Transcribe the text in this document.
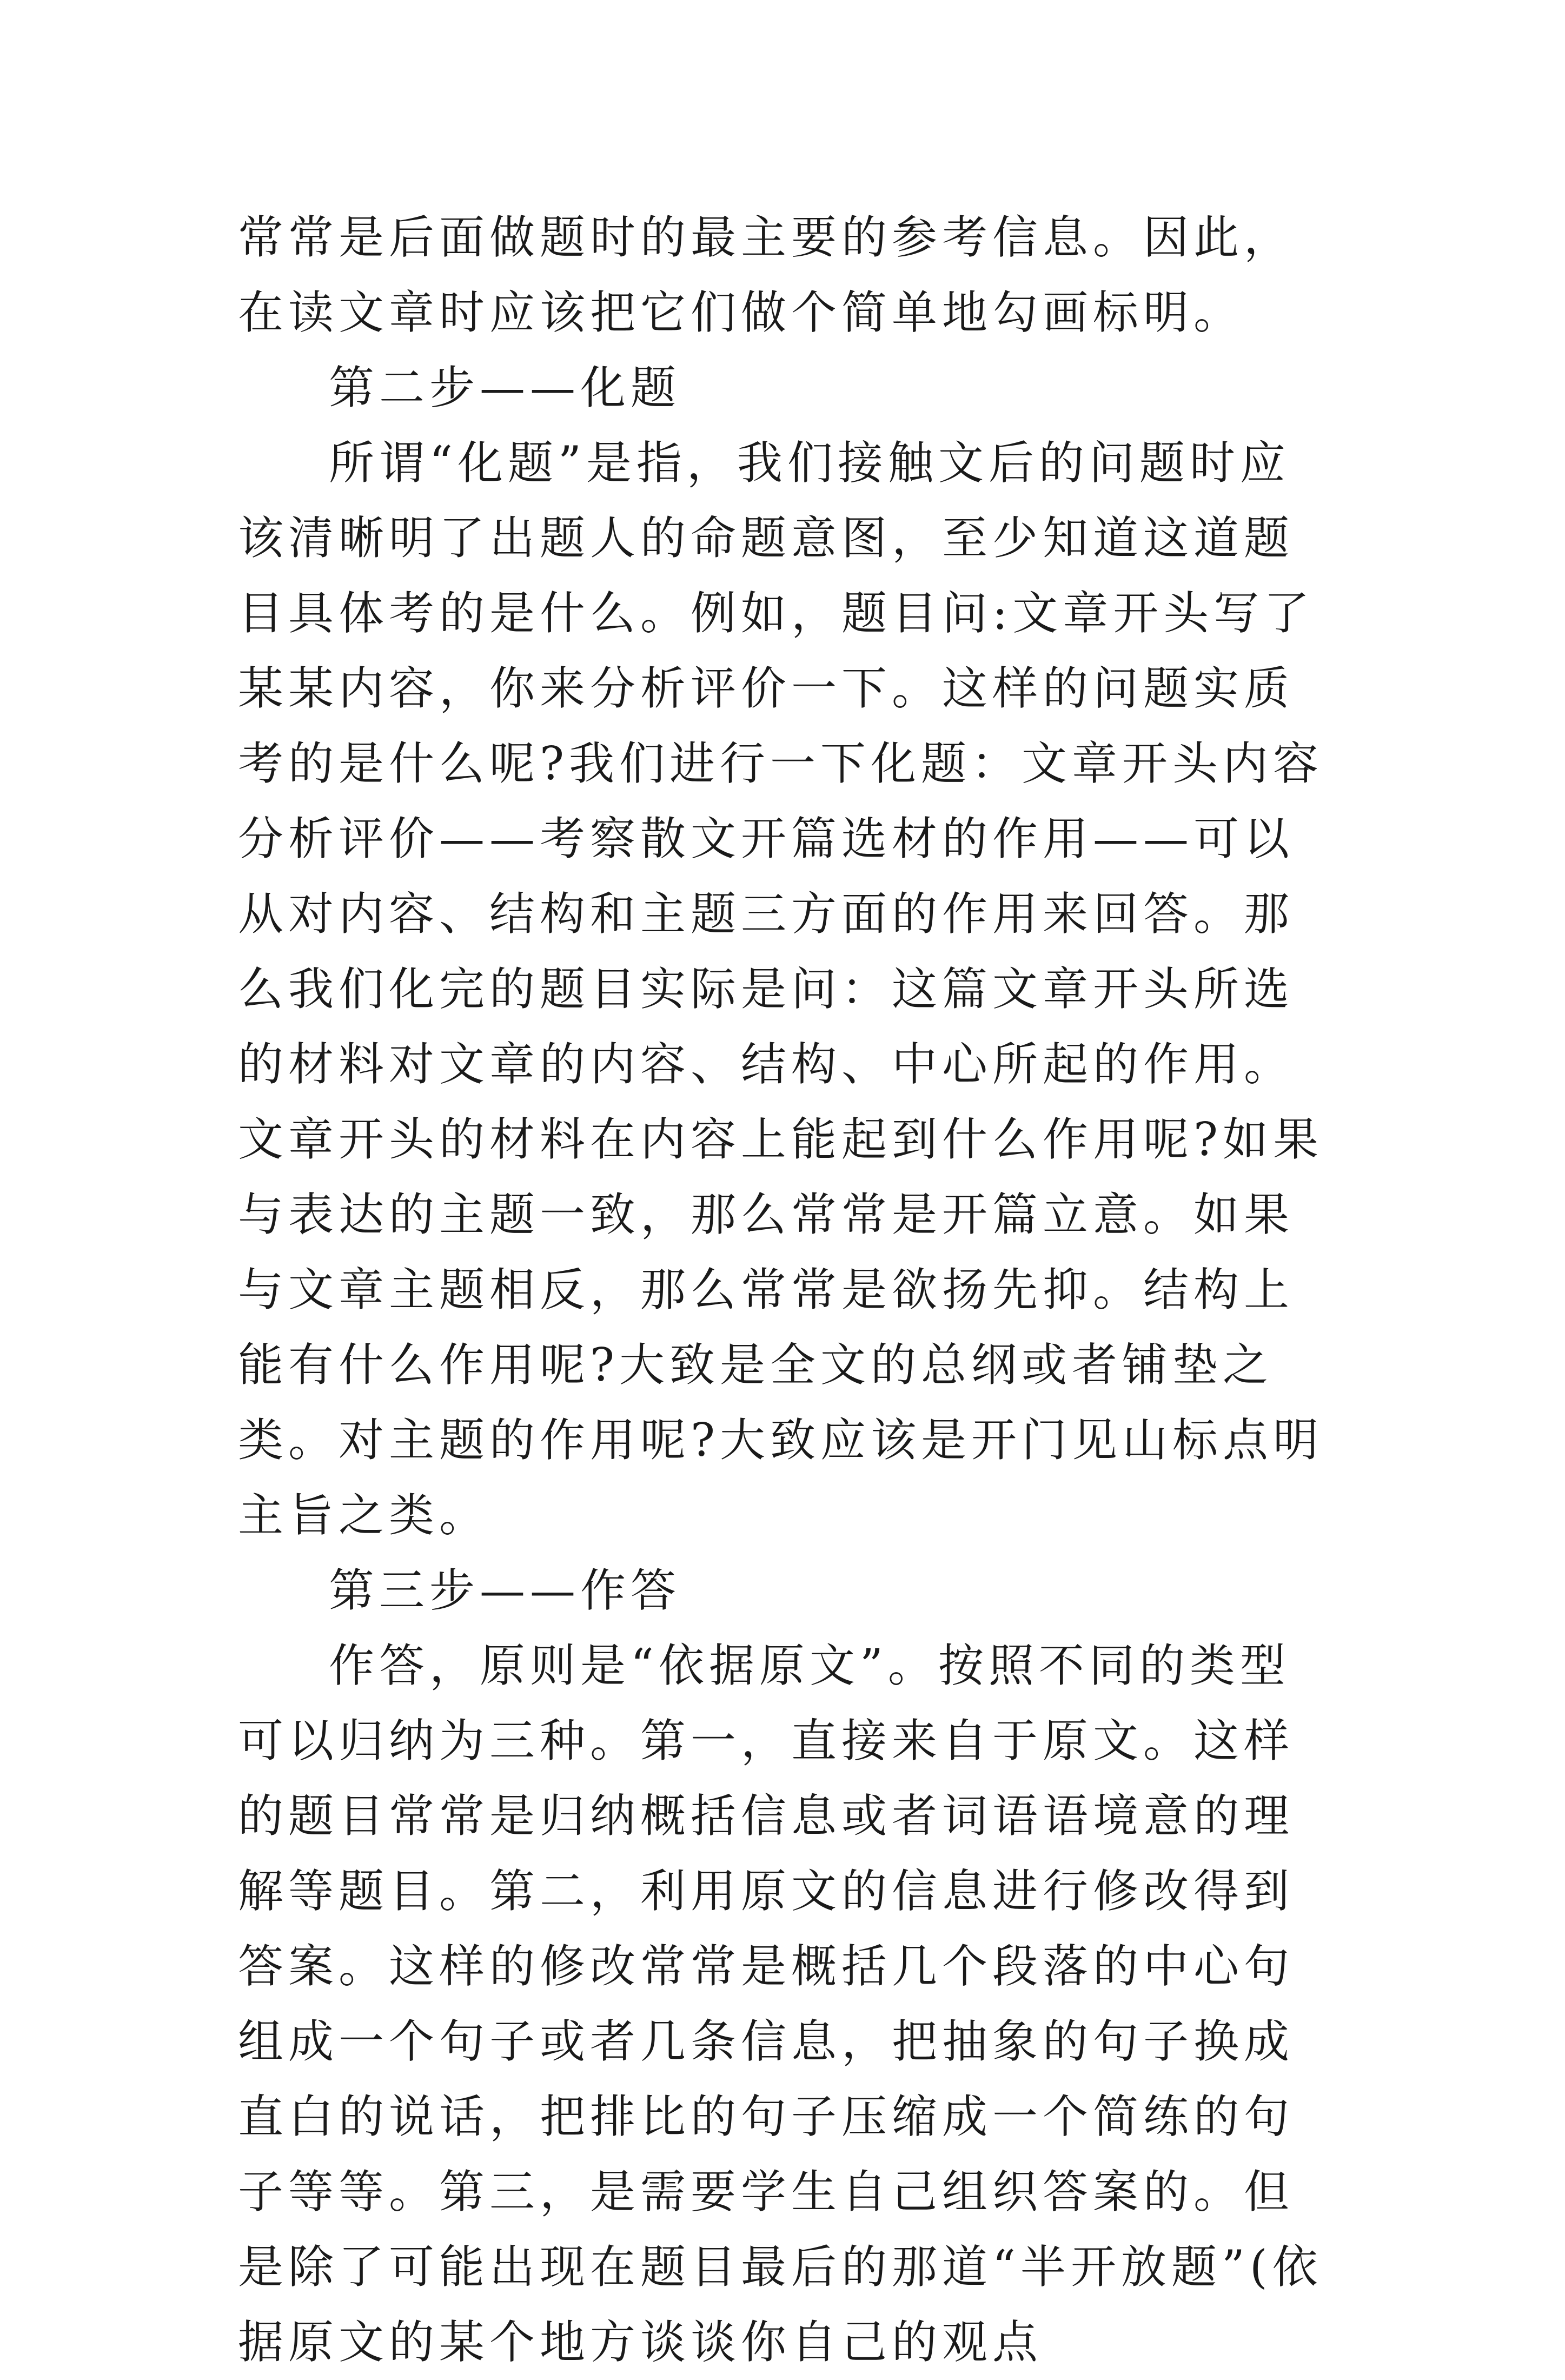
常常是后面做题时的最主要的参考信息。因此，在读文章时应该把它们做个简单地勾画标明。

第二步——化题

所谓“化题”是指，我们接触文后的问题时应该清晰明了出题人的命题意图，至少知道这道题目具体考的是什么。例如，题目问:文章开头写了某某内容，你来分析评价一下。这样的问题实质考的是什么呢?我们进行一下化题：文章开头内容分析评价——考察散文开篇选材的作用——可以从对内容、结构和主题三方面的作用来回答。那么我们化完的题目实际是问：这篇文章开头所选的材料对文章的内容、结构、中心所起的作用。文章开头的材料在内容上能起到什么作用呢?如果与表达的主题一致，那么常常是开篇立意。如果与文章主题相反，那么常常是欲扬先抑。结构上能有什么作用呢?大致是全文的总纲或者铺垫之类。对主题的作用呢?大致应该是开门见山标点明主旨之类。

第三步——作答

作答，原则是“依据原文”。按照不同的类型可以归纳为三种。第一，直接来自于原文。这样的题目常常是归纳概括信息或者词语语境意的理解等题目。第二，利用原文的信息进行修改得到答案。这样的修改常常是概括几个段落的中心句组成一个句子或者几条信息，把抽象的句子换成直白的说话，把排比的句子压缩成一个简练的句子等等。第三，是需要学生自己组织答案的。但是除了可能出现在题目最后的那道“半开放题”(依据原文的某个地方谈谈你自己的观点
